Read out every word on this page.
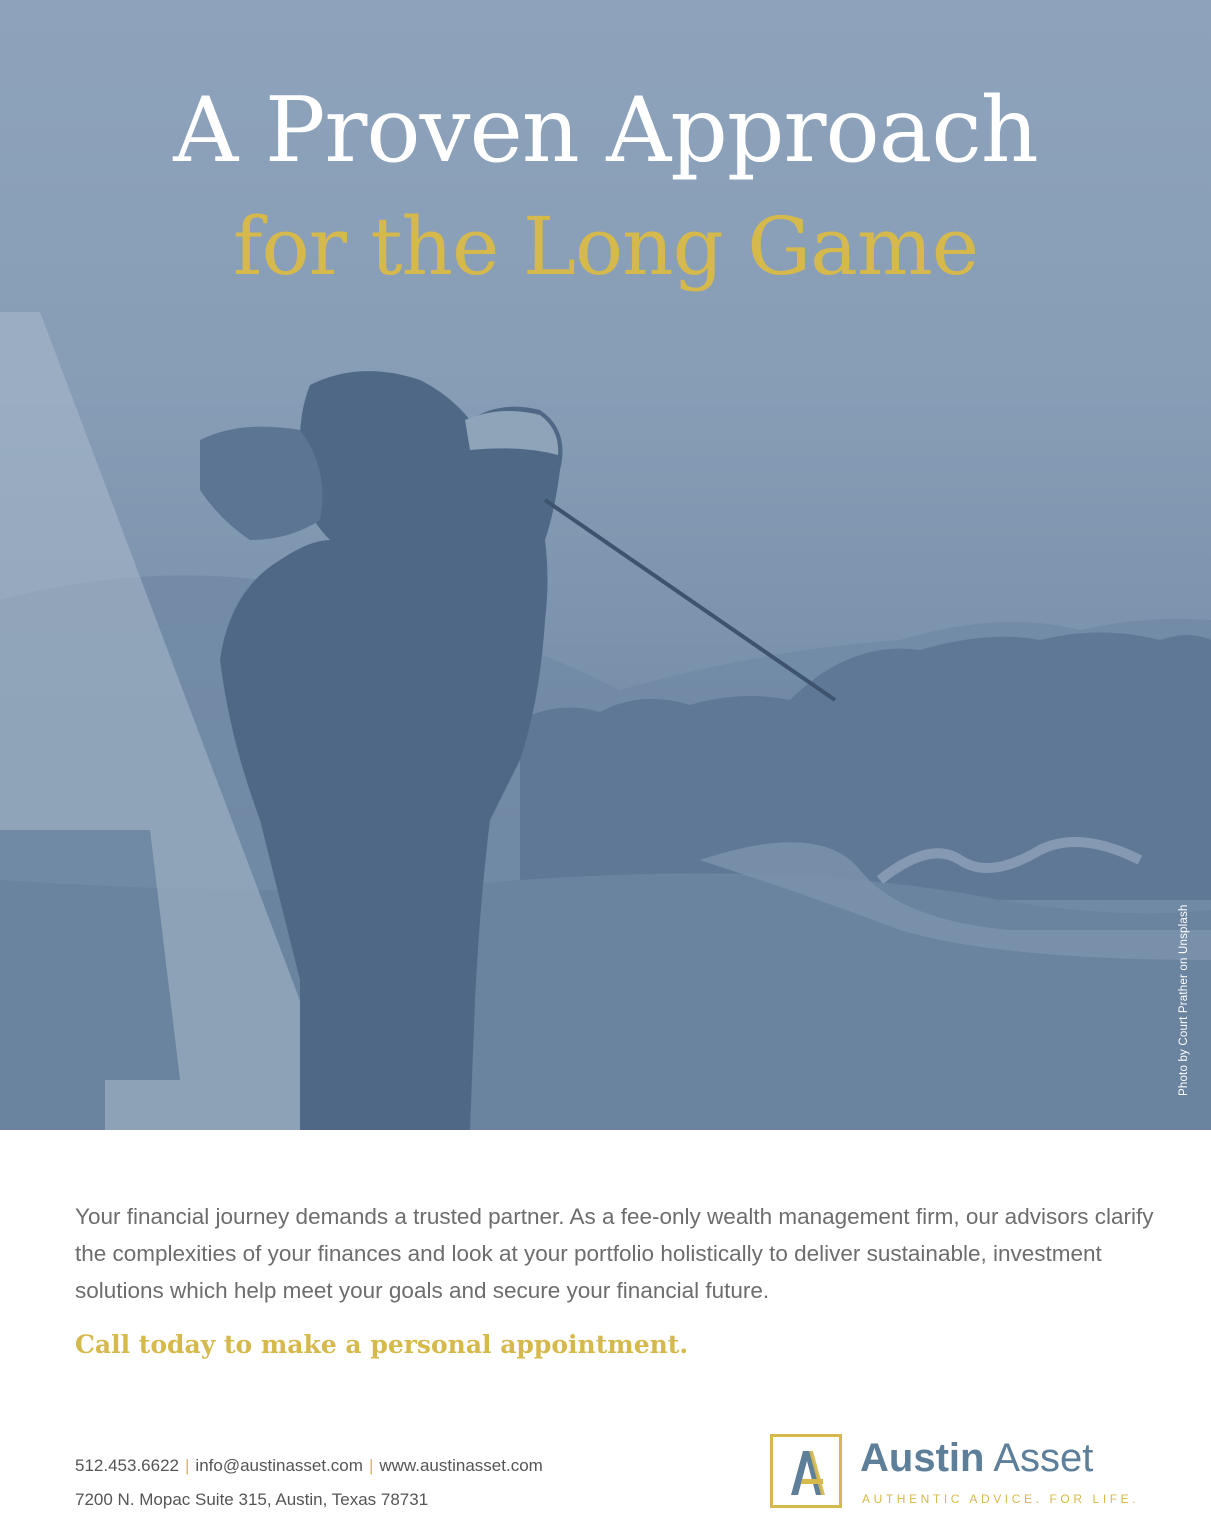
A Proven Approach
for the Long Game
Photo by Court Prather on Unsplash

Your financial journey demands a trusted partner. As a fee-only wealth management firm, our advisors clarify the complexities of your finances and look at your portfolio holistically to deliver sustainable, investment solutions which help meet your goals and secure your financial future.

Call today to make a personal appointment.

512.453.6622 | info@austinasset.com | www.austinasset.com
7200 N. Mopac Suite 315, Austin, Texas 78731
Austin Asset
AUTHENTIC ADVICE. FOR LIFE.
